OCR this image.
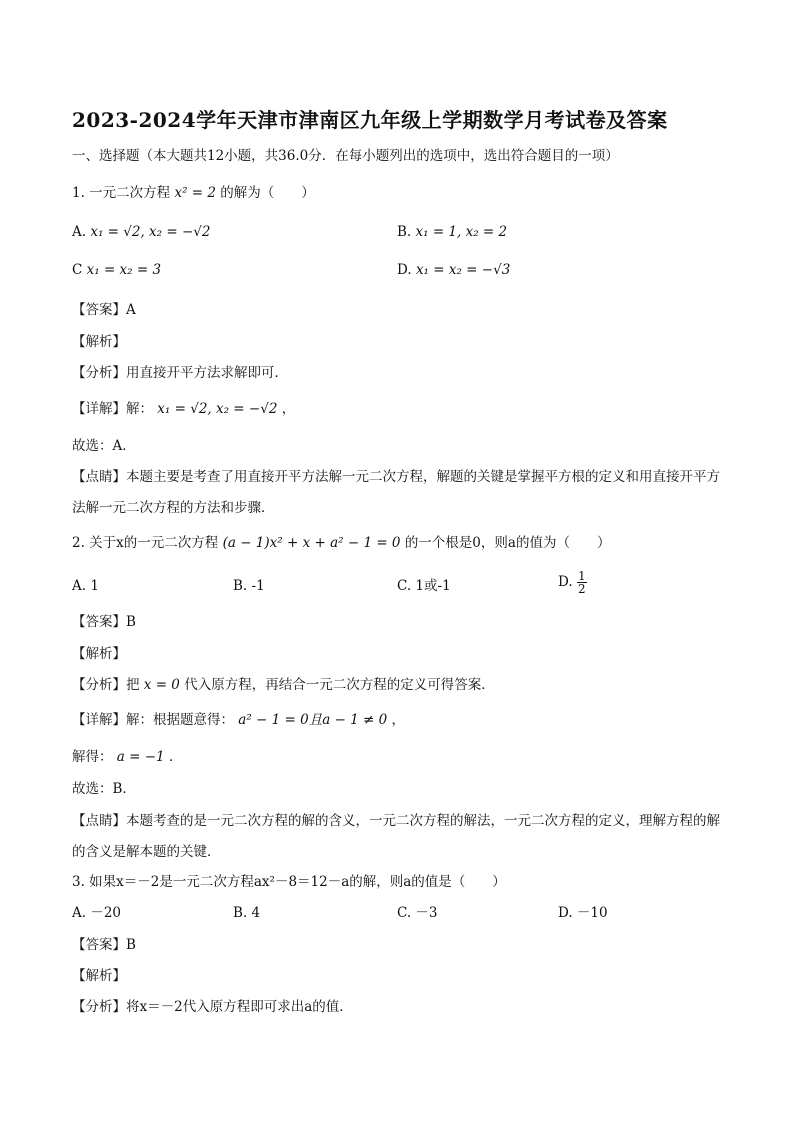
2023-2024学年天津市津南区九年级上学期数学月考试卷及答案
一、选择题（本大题共12小题，共36.0分．在每小题列出的选项中，选出符合题目的一项）
1. 一元二次方程 x² = 2 的解为（　　）
A. x₁ = √2, x₂ = −√2	B. x₁ = 1, x₂ = 2
C x₁ = x₂ = 3	D. x₁ = x₂ = −√3
【答案】A
【解析】
【分析】用直接开平方法求解即可．
【详解】解： x₁ = √2, x₂ = −√2 ，
故选：A．
【点睛】本题主要是考查了用直接开平方法解一元二次方程，解题的关键是掌握平方根的定义和用直接开平方法解一元二次方程的方法和步骤．
2. 关于x的一元二次方程 (a − 1)x² + x + a² − 1 = 0 的一个根是0，则a的值为（　　）
A. 1	B. -1	C. 1或-1	D. $\frac{1}{2}$
【答案】B
【解析】
【分析】把 x = 0 代入原方程，再结合一元二次方程的定义可得答案．
【详解】解：根据题意得： a² − 1 = 0且a − 1 ≠ 0 ，
解得： a = −1 ．
故选：B．
【点睛】本题考查的是一元二次方程的解的含义，一元二次方程的解法，一元二次方程的定义，理解方程的解的含义是解本题的关键．
3. 如果x＝－2是一元二次方程ax²－8＝12－a的解，则a的值是（　　）
A. －20	B. 4	C. －3	D. －10
【答案】B
【解析】
【分析】将x＝－2代入原方程即可求出a的值．
